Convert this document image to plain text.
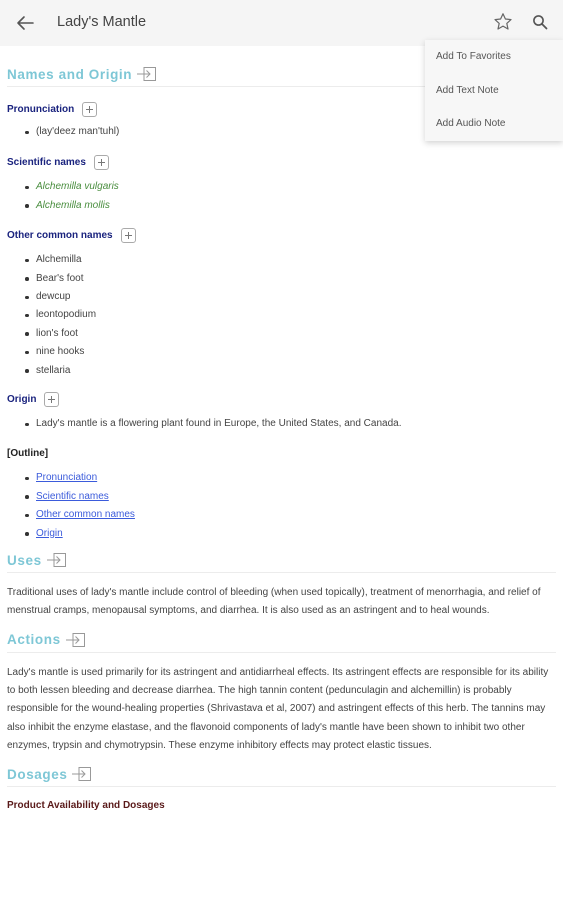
Lady's Mantle
Names and Origin
Pronunciation
(lay'deez man'tuhl)
Scientific names
Alchemilla vulgaris
Alchemilla mollis
Other common names
Alchemilla
Bear's foot
dewcup
leontopodium
lion's foot
nine hooks
stellaria
Origin
Lady's mantle is a flowering plant found in Europe, the United States, and Canada.
[Outline]
Pronunciation
Scientific names
Other common names
Origin
Uses

Traditional uses of lady's mantle include control of bleeding (when used topically), treatment of menorrhagia, and relief of menstrual cramps, menopausal symptoms, and diarrhea. It is also used as an astringent and to heal wounds.

Actions

Lady's mantle is used primarily for its astringent and antidiarrheal effects. Its astringent effects are responsible for its ability to both lessen bleeding and decrease diarrhea. The high tannin content (pedunculagin and alchemillin) is probably responsible for the wound-healing properties (Shrivastava et al, 2007) and astringent effects of this herb. The tannins may also inhibit the enzyme elastase, and the flavonoid components of lady's mantle have been shown to inhibit two other enzymes, trypsin and chymotrypsin. These enzyme inhibitory effects may protect elastic tissues.

Dosages
Product Availability and Dosages
Add To Favorites
Add Text Note
Add Audio Note
